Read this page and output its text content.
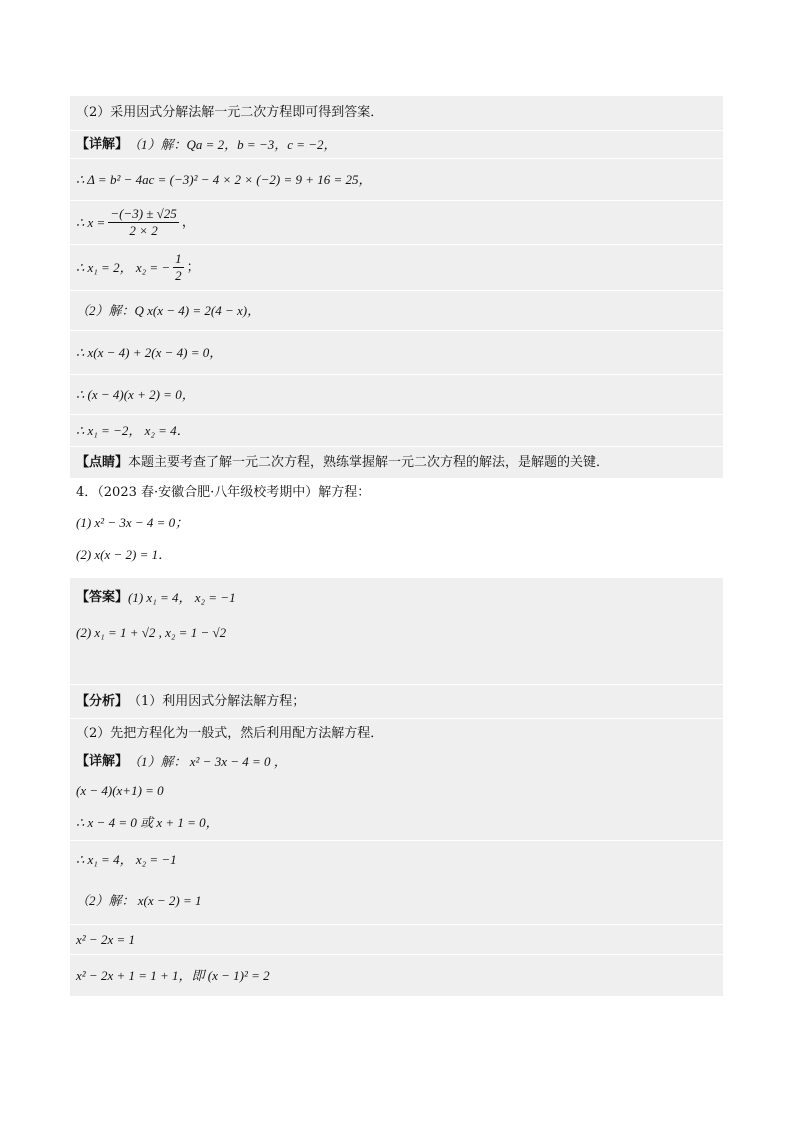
（2）采用因式分解法解一元二次方程即可得到答案．
【详解】 （1）解：Qa = 2，b = −3，c = −2，
∴ Δ = b² − 4ac = (−3)² − 4 × 2 × (−2) = 9 + 16 = 25，
∴ $x = \frac{-(-3) \pm √25}{2 \times 2}$ ，
∴ x₁ = 2， x₂ = − $\frac{1}{2}$ ；
（2）解：Q x(x − 4) = 2(4 − x)，
∴ x(x − 4) + 2(x − 4) = 0，
∴ (x − 4)(x + 2) = 0，
∴ x₁ = −2， x₂ = 4．
【点睛】 本题主要考查了解一元二次方程，熟练掌握解一元二次方程的解法，是解题的关键．
4．（2023 春·安徽合肥·八年级校考期中）解方程：
(1) x² − 3x − 4 = 0；
(2) x(x − 2) = 1．
【答案】 (1) x₁ = 4， x₂ = −1
(2) x₁ = 1 + √2 , x₂ = 1 − √2
【分析】 （1）利用因式分解法解方程；
（2）先把方程化为一般式，然后利用配方法解方程．
【详解】 （1）解： x² − 3x − 4 = 0 ，
(x − 4)(x+1) = 0
∴ x − 4 = 0 或 x + 1 = 0，
∴ x₁ = 4， x₂ = −1
（2）解： x(x − 2) = 1
x² − 2x = 1
x² − 2x + 1 = 1 + 1，即 (x − 1)² = 2
